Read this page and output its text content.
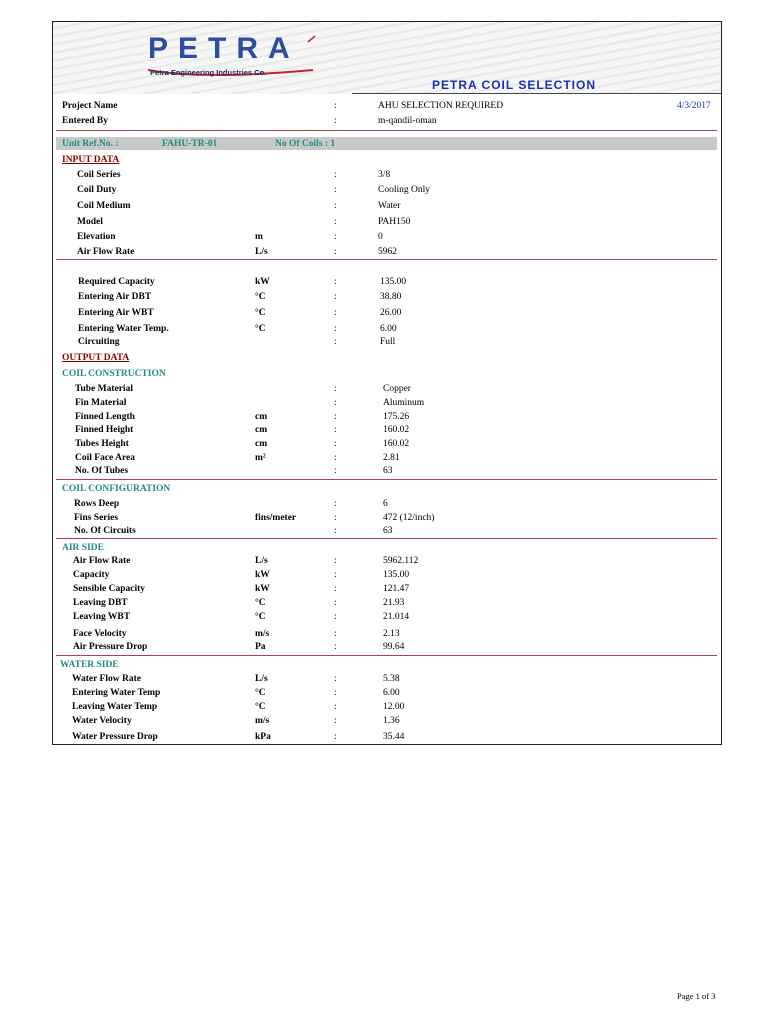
PETRA
Petra Engineering Industries Co.
PETRA COIL SELECTION
Project Name	:	AHU SELECTION REQUIRED	4/3/2017
Entered By	:	m-qandil-oman
Unit Ref.No. :	FAHU-TR-01	No Of Coils : 1
INPUT DATA
Coil Series	:	3/8
Coil Duty	:	Cooling Only
Coil Medium	:	Water
Model	:	PAH150
Elevation	m	:	0
Air Flow Rate	L/s	:	5962
Required Capacity	kW	:	135.00
Entering Air DBT	°C	:	38.80
Entering Air WBT	°C	:	26.00
Entering Water Temp.	°C	:	6.00
Circuiting	:	Full
Tube Material	:	Copper
Fin Material	:	Aluminum
Finned Length	cm	:	175.26
Finned Height	cm	:	160.02
Tubes Height	cm	:	160.02
Coil Face Area	m²	:	2.81
No. Of Tubes	:	63
Rows Deep	:	6
Fins Series	fins/meter	:	472 (12/inch)
No. Of Circuits	:	63
Air Flow Rate	L/s	:	5962.112
Capacity	kW	:	135.00
Sensible Capacity	kW	:	121.47
Leaving DBT	°C	:	21.93
Leaving WBT	°C	:	21.014
Face Velocity	m/s	:	2.13
Air Pressure Drop	Pa	:	99.64
Water Flow Rate	L/s	:	5.38
Entering Water Temp	°C	:	6.00
Leaving Water Temp	°C	:	12.00
Water Velocity	m/s	:	1.36
Water Pressure Drop	kPa	:	35.44
OUTPUT DATA
COIL CONSTRUCTION
COIL CONFIGURATION
AIR SIDE
WATER SIDE
Page 1 of 3
